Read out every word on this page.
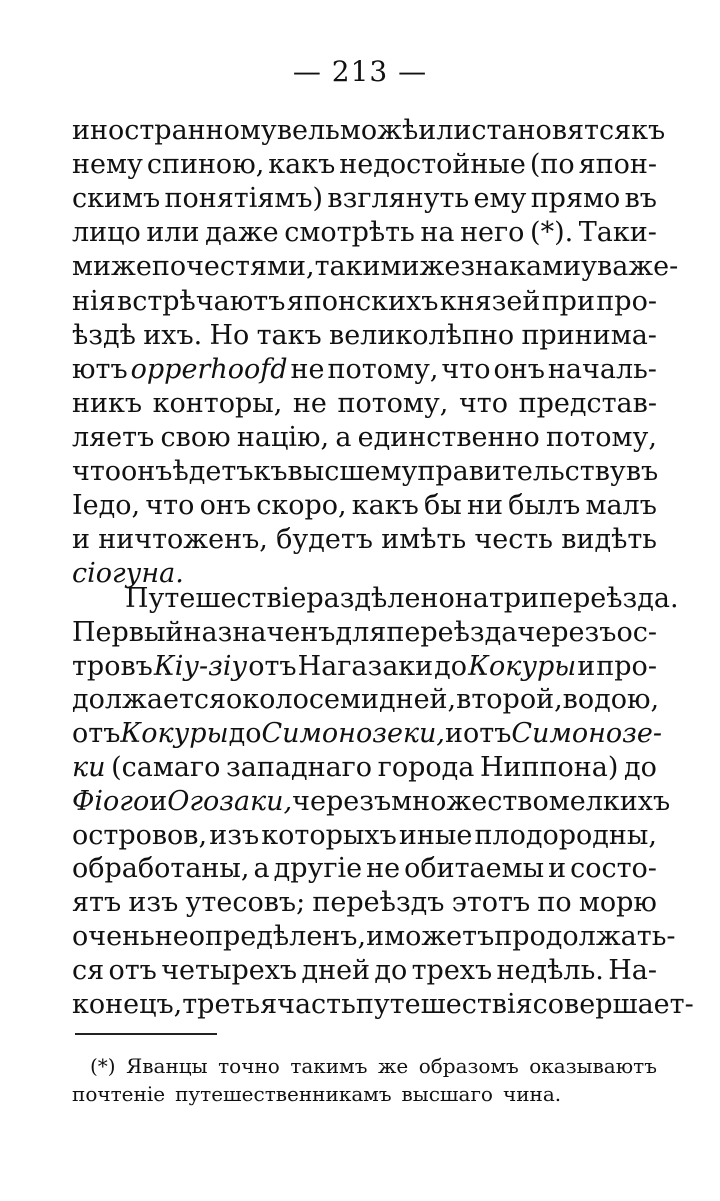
— 213 —
иностранному вельможѣ или становятся къ
нему спиною, какъ недостойные (по япон-
скимъ понятiямъ) взглянуть ему прямо въ
лицо или даже смотрѣть на него (*). Таки-
ми же почестями, такими же знаками уваже-
нiя встрѣчаютъ японскихъ князей при про-
ѣздѣ ихъ. Но такъ великолѣпно принима-
ютъ opperhoofd не потому, что онъ началь-
никъ конторы, не потому, что представ-
ляетъ свою нацiю, а единственно потому,
что онъ ѣдетъ къ высшему правительству въ
Iедо, что онъ скоро, какъ бы ни былъ малъ
и ничтоженъ, будетъ имѣть честь видѣть
сiогуна.
Путешествiе раздѣлено на три переѣзда.
Первый назначенъ для переѣзда черезъ ос-
тровъ Кiу-зiу отъ Нагазаки до Кокуры и про-
должается около семи дней, второй, водою,
отъ Кокуры до Симонозеки, и отъ Симонозе-
ки (самаго западнаго города Ниппона) до
Фiого и Огозаки, черезъ множество мелкихъ
островов, изъ которыхъ иные плодородны,
обработаны, а другiе не обитаемы и состо-
ятъ изъ утесовъ; переѣздъ этотъ по морю
очень неопредѣленъ, и можетъ продолжать-
ся отъ четырехъ дней до трехъ недѣль. На-
конецъ, третья часть путешествiя совершает-
(*) Яванцы точно такимъ же образомъ оказываютъ
почтенiе путешественникамъ высшаго чина.
